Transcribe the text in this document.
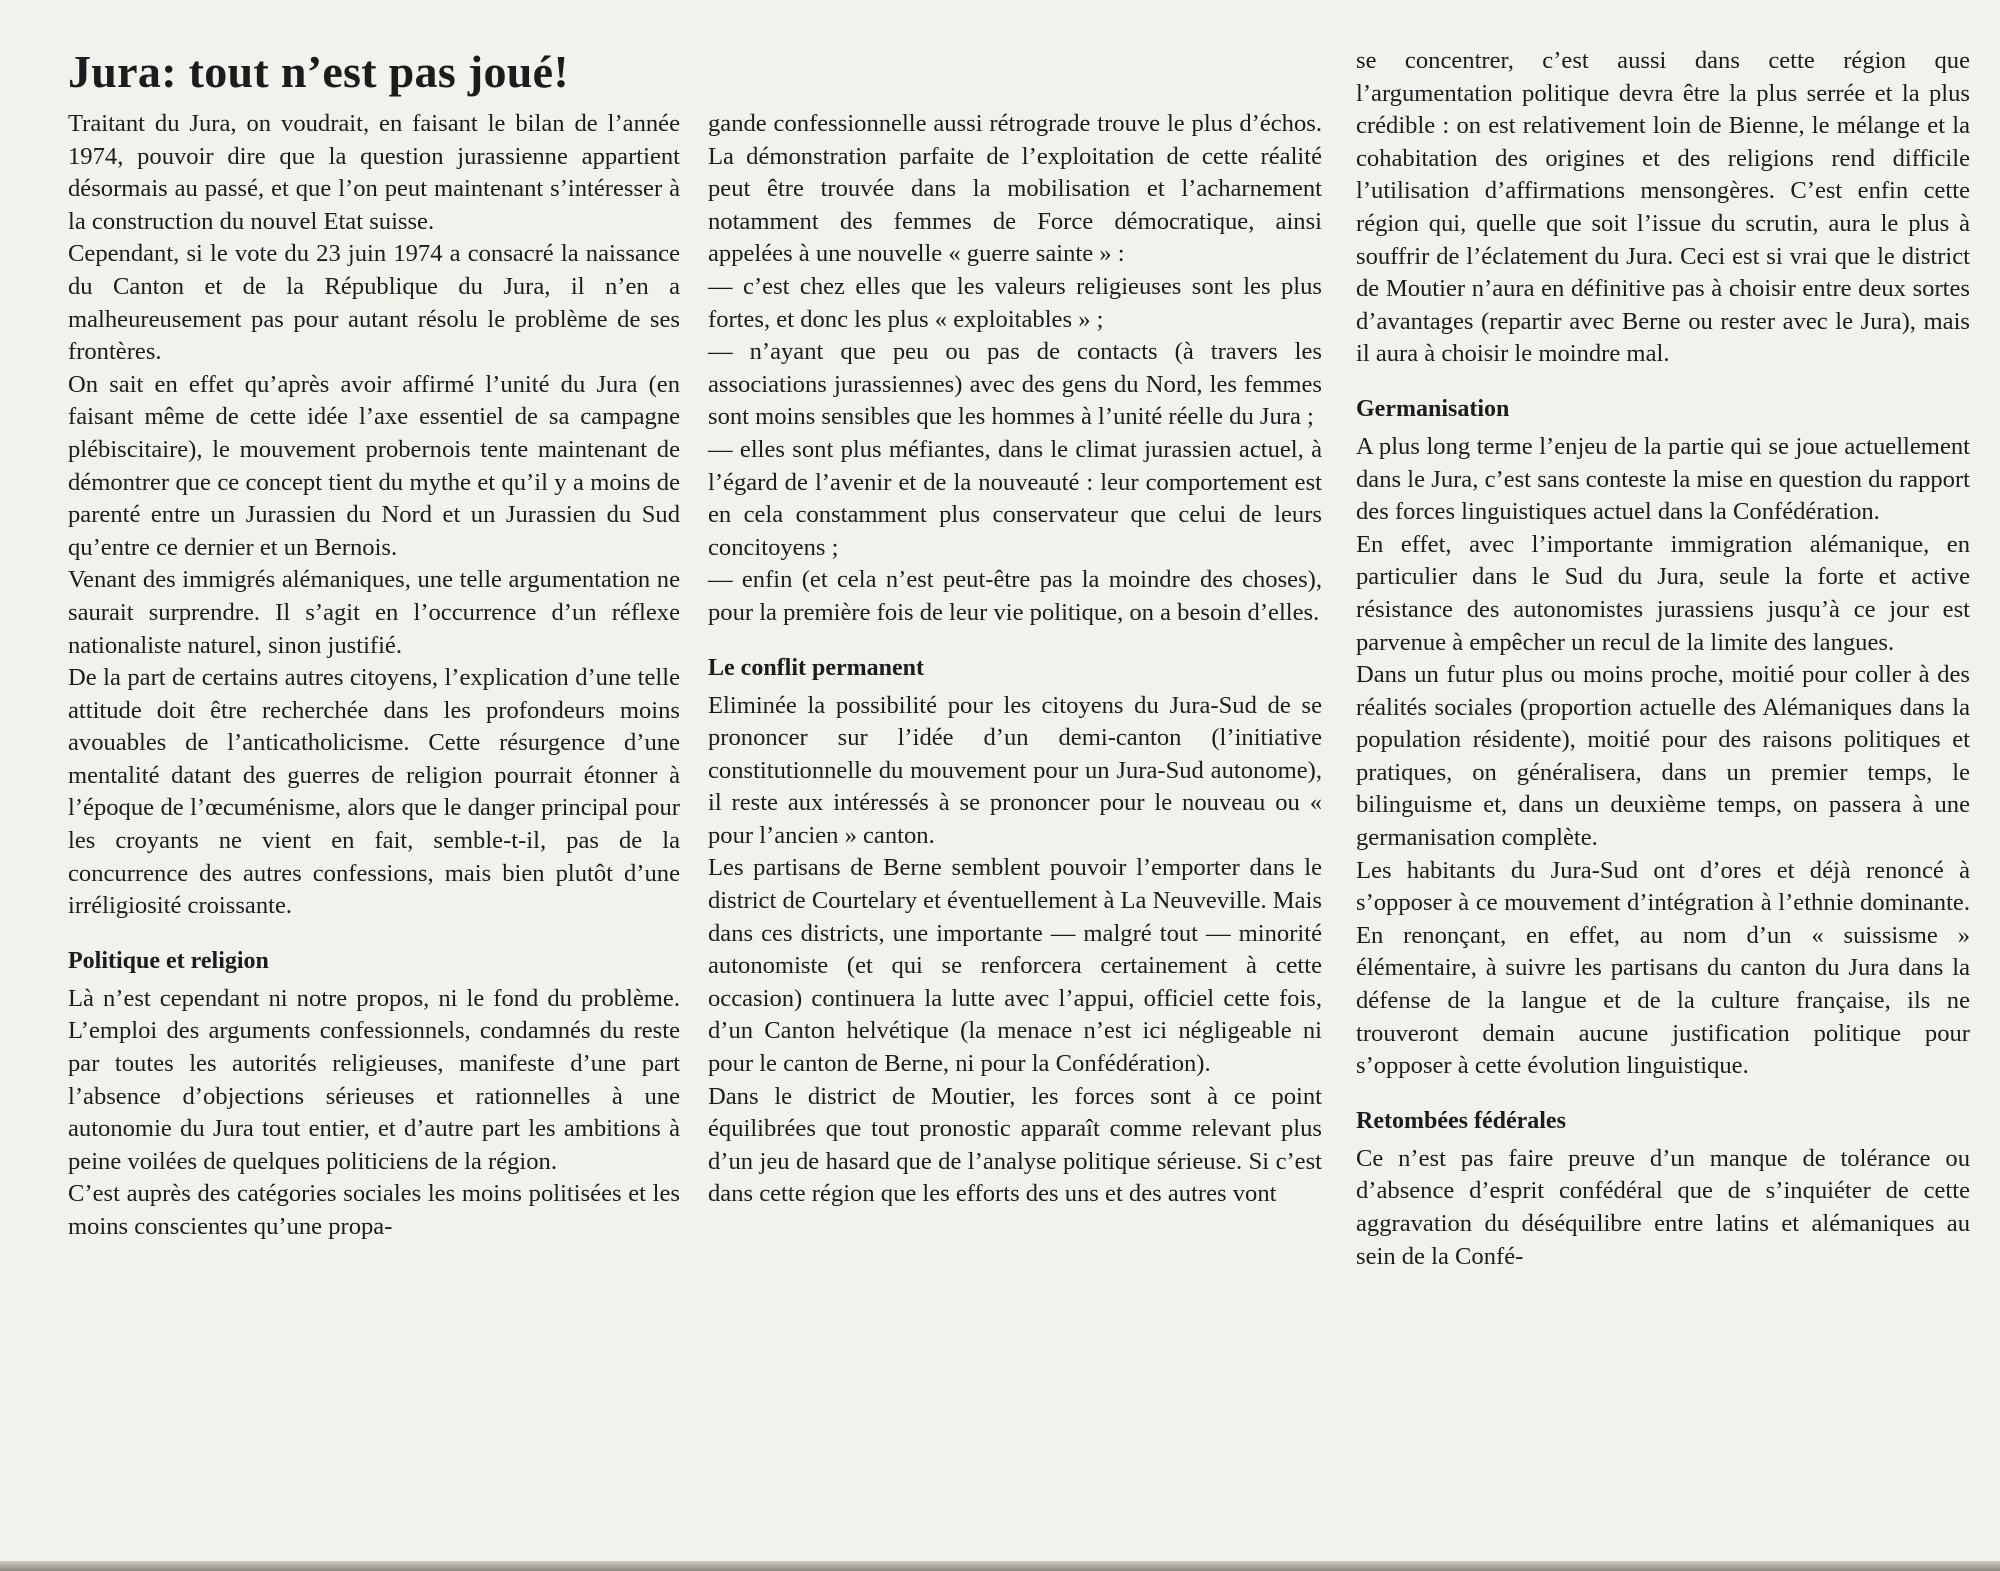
Jura: tout n’est pas joué!

Traitant du Jura, on voudrait, en faisant le bilan de l’année 1974, pouvoir dire que la question jurassienne appartient désormais au passé, et que l’on peut maintenant s’intéresser à la construction du nouvel Etat suisse.

Cependant, si le vote du 23 juin 1974 a consacré la naissance du Canton et de la République du Jura, il n’en a malheureusement pas pour autant résolu le problème de ses frontères.

On sait en effet qu’après avoir affirmé l’unité du Jura (en faisant même de cette idée l’axe essentiel de sa campagne plébiscitaire), le mouvement probernois tente maintenant de démontrer que ce concept tient du mythe et qu’il y a moins de parenté entre un Jurassien du Nord et un Jurassien du Sud qu’entre ce dernier et un Bernois.

Venant des immigrés alémaniques, une telle argumentation ne saurait surprendre. Il s’agit en l’occurrence d’un réflexe nationaliste naturel, sinon justifié.

De la part de certains autres citoyens, l’explication d’une telle attitude doit être recherchée dans les profondeurs moins avouables de l’anticatholicisme. Cette résurgence d’une mentalité datant des guerres de religion pourrait étonner à l’époque de l’œcuménisme, alors que le danger principal pour les croyants ne vient en fait, semble-t-il, pas de la concurrence des autres confessions, mais bien plutôt d’une irréligiosité croissante.

Politique et religion

Là n’est cependant ni notre propos, ni le fond du problème. L’emploi des arguments confessionnels, condamnés du reste par toutes les autorités religieuses, manifeste d’une part l’absence d’objections sérieuses et rationnelles à une autonomie du Jura tout entier, et d’autre part les ambitions à peine voilées de quelques politiciens de la région.

C’est auprès des catégories sociales les moins politisées et les moins conscientes qu’une propa-

gande confessionnelle aussi rétrograde trouve le plus d’échos. La démonstration parfaite de l’exploitation de cette réalité peut être trouvée dans la mobilisation et l’acharnement notamment des femmes de Force démocratique, ainsi appelées à une nouvelle « guerre sainte » :

— c’est chez elles que les valeurs religieuses sont les plus fortes, et donc les plus « exploitables » ;

— n’ayant que peu ou pas de contacts (à travers les associations jurassiennes) avec des gens du Nord, les femmes sont moins sensibles que les hommes à l’unité réelle du Jura ;

— elles sont plus méfiantes, dans le climat jurassien actuel, à l’égard de l’avenir et de la nouveauté : leur comportement est en cela constamment plus conservateur que celui de leurs concitoyens ;

— enfin (et cela n’est peut-être pas la moindre des choses), pour la première fois de leur vie politique, on a besoin d’elles.

Le conflit permanent

Eliminée la possibilité pour les citoyens du Jura-Sud de se prononcer sur l’idée d’un demi-canton (l’initiative constitutionnelle du mouvement pour un Jura-Sud autonome), il reste aux intéressés à se prononcer pour le nouveau ou « pour l’ancien » canton.

Les partisans de Berne semblent pouvoir l’emporter dans le district de Courtelary et éventuellement à La Neuveville. Mais dans ces districts, une importante — malgré tout — minorité autonomiste (et qui se renforcera certainement à cette occasion) continuera la lutte avec l’appui, officiel cette fois, d’un Canton helvétique (la menace n’est ici négligeable ni pour le canton de Berne, ni pour la Confédération).

Dans le district de Moutier, les forces sont à ce point équilibrées que tout pronostic apparaît comme relevant plus d’un jeu de hasard que de l’analyse politique sérieuse. Si c’est dans cette région que les efforts des uns et des autres vont

se concentrer, c’est aussi dans cette région que l’argumentation politique devra être la plus serrée et la plus crédible : on est relativement loin de Bienne, le mélange et la cohabitation des origines et des religions rend difficile l’utilisation d’affirmations mensongères. C’est enfin cette région qui, quelle que soit l’issue du scrutin, aura le plus à souffrir de l’éclatement du Jura. Ceci est si vrai que le district de Moutier n’aura en définitive pas à choisir entre deux sortes d’avantages (repartir avec Berne ou rester avec le Jura), mais il aura à choisir le moindre mal.

Germanisation

A plus long terme l’enjeu de la partie qui se joue actuellement dans le Jura, c’est sans conteste la mise en question du rapport des forces linguistiques actuel dans la Confédération.

En effet, avec l’importante immigration alémanique, en particulier dans le Sud du Jura, seule la forte et active résistance des autonomistes jurassiens jusqu’à ce jour est parvenue à empêcher un recul de la limite des langues.

Dans un futur plus ou moins proche, moitié pour coller à des réalités sociales (proportion actuelle des Alémaniques dans la population résidente), moitié pour des raisons politiques et pratiques, on généralisera, dans un premier temps, le bilinguisme et, dans un deuxième temps, on passera à une germanisation complète.

Les habitants du Jura-Sud ont d’ores et déjà renoncé à s’opposer à ce mouvement d’intégration à l’ethnie dominante. En renonçant, en effet, au nom d’un « suissisme » élémentaire, à suivre les partisans du canton du Jura dans la défense de la langue et de la culture française, ils ne trouveront demain aucune justification politique pour s’opposer à cette évolution linguistique.

Retombées fédérales

Ce n’est pas faire preuve d’un manque de tolérance ou d’absence d’esprit confédéral que de s’inquiéter de cette aggravation du déséquilibre entre latins et alémaniques au sein de la Confé-
